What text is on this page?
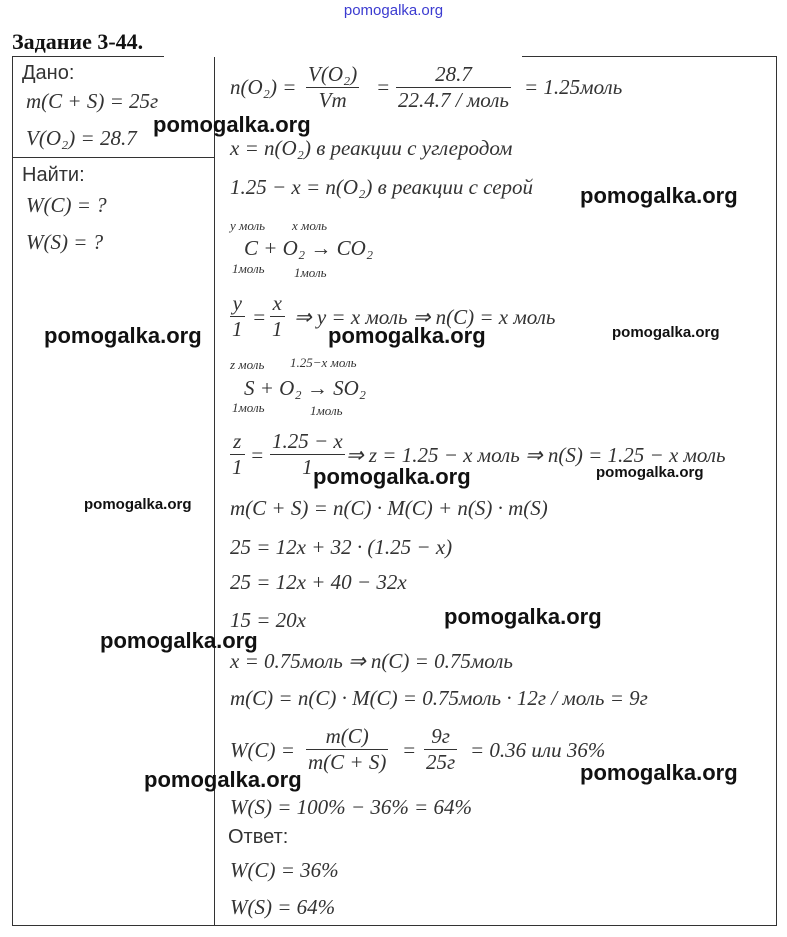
pomogalka.org
Задание 3-44.
Дано:
m(C + S) = 25г
V(O₂) = 28.7
Найти:
W(C) = ?
W(S) = ?
n(O₂) =
V(O₂)
Vm
=
28.7
22.4.7 / моль
= 1.25моль
x = n(O₂) в реакции с углеродом
1.25 − x = n(O₂) в реакции с серой
y моль x моль
C + O₂ → CO₂
1моль 1моль
y
1 =
x
1 ⇒ y = x моль ⇒ n(C) = x моль
z моль 1.25−x моль
S + O₂ → SO₂
1моль	1моль
z
1 =
1.25 − x
1 ⇒ z = 1.25 − x моль ⇒ n(S) = 1.25 − x моль
m(C + S) = n(C) · M(C) + n(S) · m(S)
25 = 12x + 32 · (1.25 − x)
25 = 12x + 40 − 32x
15 = 20x
x = 0.75моль ⇒ n(C) = 0.75моль
m(C) = n(C) · M(C) = 0.75моль · 12г / моль = 9г
W(C) =
m(C)
m(C + S) =
9г
25г = 0.36 или 36%
W(S) = 100% − 36% = 64%
Ответ:
W(C) = 36%
W(S) = 64%
pomogalka.org
pomogalka.org
pomogalka.org	pomogalka.org	pomogalka.org
pomogalka.org	pomogalka.org
pomogalka.org
pomogalka.org
pomogalka.org
pomogalka.org	pomogalka.org
